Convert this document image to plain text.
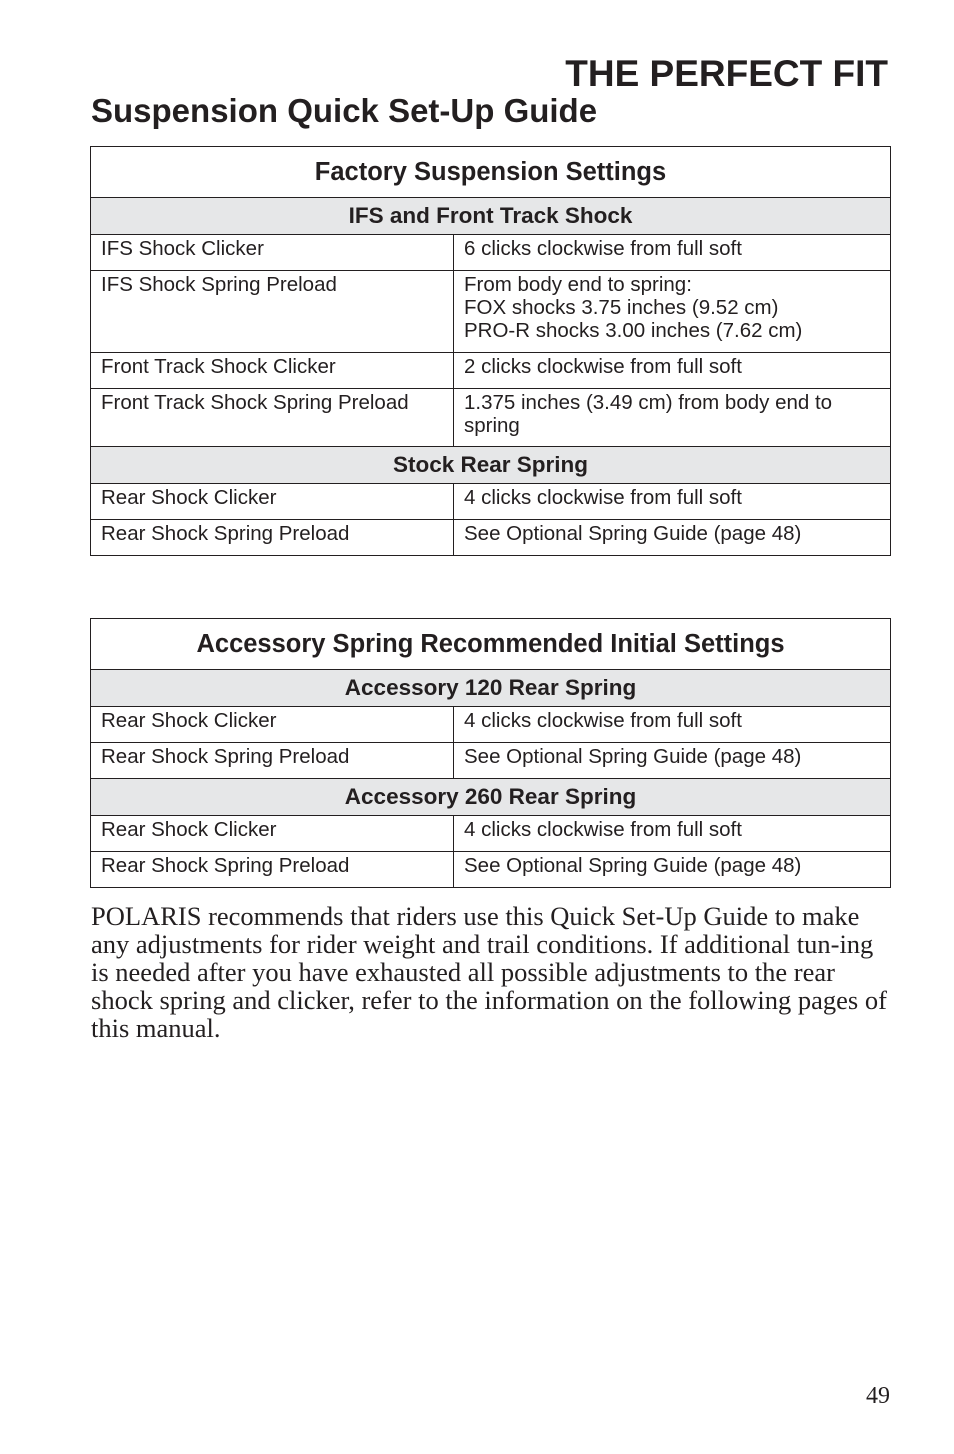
THE PERFECT FIT
Suspension Quick Set-Up Guide
Factory Suspension Settings	
IFS and Front Track Shock	
IFS Shock Clicker	6 clicks clockwise from full soft

IFS Shock Spring Preload	From body end to spring:
FOX shocks 3.75 inches (9.52 cm)
PRO-R shocks 3.00 inches (7.62 cm)

Front Track Shock Clicker	2 clicks clockwise from full soft

Front Track Shock Spring Preload	1.375 inches (3.49 cm) from body end to
spring

Stock Rear Spring	
Rear Shock Clicker	4 clicks clockwise from full soft

Rear Shock Spring Preload	See Optional Spring Guide (page 48)
Accessory Spring Recommended Initial Settings	
Accessory 120 Rear Spring	
Rear Shock Clicker	4 clicks clockwise from full soft

Rear Shock Spring Preload	See Optional Spring Guide (page 48)

Accessory 260 Rear Spring	
Rear Shock Clicker	4 clicks clockwise from full soft

Rear Shock Spring Preload	See Optional Spring Guide (page 48)

POLARIS recommends that riders use this Quick Set-Up Guide to make any adjustments for rider weight and trail conditions. If additional tun-ing is needed after you have exhausted all possible adjustments to the rear shock spring and clicker, refer to the information on the following pages of this manual.

49
